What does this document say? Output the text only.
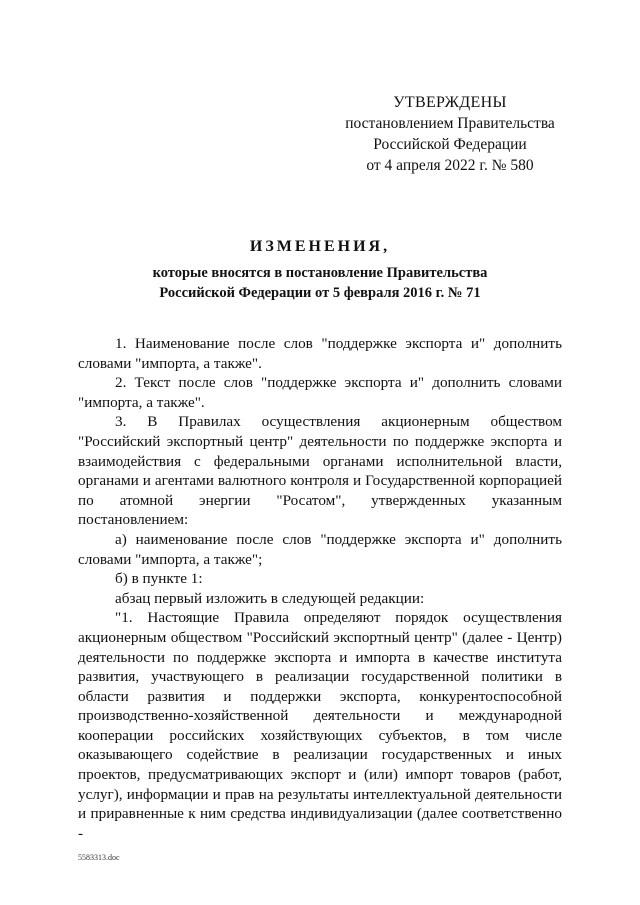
УТВЕРЖДЕНЫ
постановлением Правительства
Российской Федерации
от 4 апреля 2022 г. № 580
ИЗМЕНЕНИЯ,
которые вносятся в постановление Правительства
Российской Федерации от 5 февраля 2016 г. № 71

1. Наименование после слов "поддержке экспорта и" дополнить словами "импорта, а также".

2. Текст после слов "поддержке экспорта и" дополнить словами "импорта, а также".

3. В Правилах осуществления акционерным обществом "Российский экспортный центр" деятельности по поддержке экспорта и взаимодействия с федеральными органами исполнительной власти, органами и агентами валютного контроля и Государственной корпорацией по атомной энергии "Росатом", утвержденных указанным постановлением:

а) наименование после слов "поддержке экспорта и" дополнить словами "импорта, а также";

б) в пункте 1:

абзац первый изложить в следующей редакции:

"1. Настоящие Правила определяют порядок осуществления акционерным обществом "Российский экспортный центр" (далее - Центр) деятельности по поддержке экспорта и импорта в качестве института развития, участвующего в реализации государственной политики в области развития и поддержки экспорта, конкурентоспособной производственно-хозяйственной деятельности и международной кооперации российских хозяйствующих субъектов, в том числе оказывающего содействие в реализации государственных и иных проектов, предусматривающих экспорт и (или) импорт товаров (работ, услуг), информации и прав на результаты интеллектуальной деятельности и приравненные к ним средства индивидуализации (далее соответственно -

5583313.doc
